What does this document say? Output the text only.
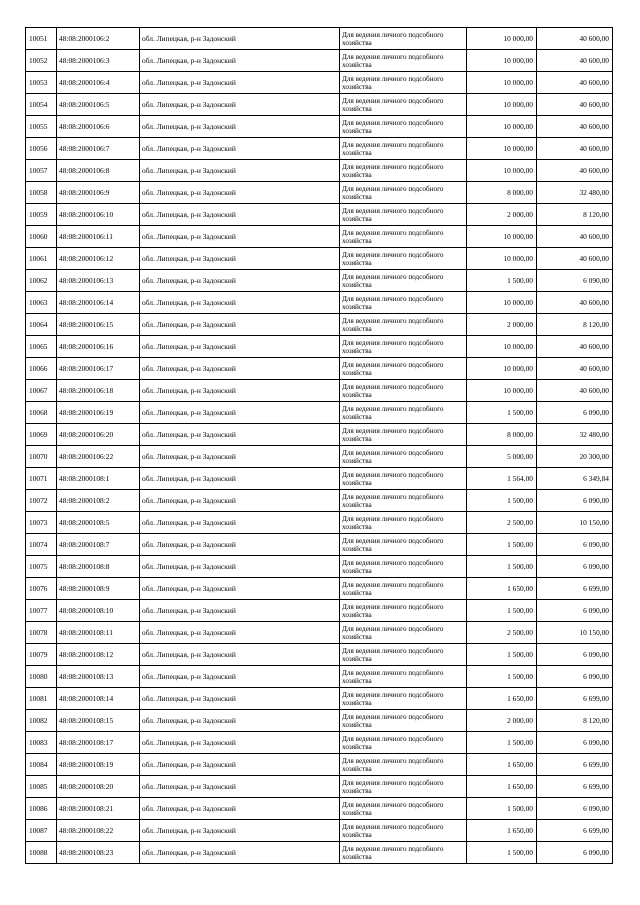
10051	48:08:2000106:2	обл. Липецкая, р-н Задонский	Для ведения личного подсобного хозяйства	10 000,00	40 600,00
10052	48:08:2000106:3	обл. Липецкая, р-н Задонский	Для ведения личного подсобного хозяйства	10 000,00	40 600,00
10053	48:08:2000106:4	обл. Липецкая, р-н Задонский	Для ведения личного подсобного хозяйства	10 000,00	40 600,00
10054	48:08:2000106:5	обл. Липецкая, р-н Задонский	Для ведения личного подсобного хозяйства	10 000,00	40 600,00
10055	48:08:2000106:6	обл. Липецкая, р-н Задонский	Для ведения личного подсобного хозяйства	10 000,00	40 600,00
10056	48:08:2000106:7	обл. Липецкая, р-н Задонский	Для ведения личного подсобного хозяйства	10 000,00	40 600,00
10057	48:08:2000106:8	обл. Липецкая, р-н Задонский	Для ведения личного подсобного хозяйства	10 000,00	40 600,00
10058	48:08:2000106:9	обл. Липецкая, р-н Задонский	Для ведения личного подсобного хозяйства	8 000,00	32 480,00
10059	48:08:2000106:10	обл. Липецкая, р-н Задонский	Для ведения личного подсобного хозяйства	2 000,00	8 120,00
10060	48:08:2000106:11	обл. Липецкая, р-н Задонский	Для ведения личного подсобного хозяйства	10 000,00	40 600,00
10061	48:08:2000106:12	обл. Липецкая, р-н Задонский	Для ведения личного подсобного хозяйства	10 000,00	40 600,00
10062	48:08:2000106:13	обл. Липецкая, р-н Задонский	Для ведения личного подсобного хозяйства	1 500,00	6 090,00
10063	48:08:2000106:14	обл. Липецкая, р-н Задонский	Для ведения личного подсобного хозяйства	10 000,00	40 600,00
10064	48:08:2000106:15	обл. Липецкая, р-н Задонский	Для ведения личного подсобного хозяйства	2 000,00	8 120,00
10065	48:08:2000106:16	обл. Липецкая, р-н Задонский	Для ведения личного подсобного хозяйства	10 000,00	40 600,00
10066	48:08:2000106:17	обл. Липецкая, р-н Задонский	Для ведения личного подсобного хозяйства	10 000,00	40 600,00
10067	48:08:2000106:18	обл. Липецкая, р-н Задонский	Для ведения личного подсобного хозяйства	10 000,00	40 600,00
10068	48:08:2000106:19	обл. Липецкая, р-н Задонский	Для ведения личного подсобного хозяйства	1 500,00	6 090,00
10069	48:08:2000106:20	обл. Липецкая, р-н Задонский	Для ведения личного подсобного хозяйства	8 000,00	32 480,00
10070	48:08:2000106:22	обл. Липецкая, р-н Задонский	Для ведения личного подсобного хозяйства	5 000,00	20 300,00
10071	48:08:2000108:1	обл. Липецкая, р-н Задонский	Для ведения личного подсобного хозяйства	1 564,00	6 349,84
10072	48:08:2000108:2	обл. Липецкая, р-н Задонский	Для ведения личного подсобного хозяйства	1 500,00	6 090,00
10073	48:08:2000108:5	обл. Липецкая, р-н Задонский	Для ведения личного подсобного хозяйства	2 500,00	10 150,00
10074	48:08:2000108:7	обл. Липецкая, р-н Задонский	Для ведения личного подсобного хозяйства	1 500,00	6 090,00
10075	48:08:2000108:8	обл. Липецкая, р-н Задонский	Для ведения личного подсобного хозяйства	1 500,00	6 090,00
10076	48:08:2000108:9	обл. Липецкая, р-н Задонский	Для ведения личного подсобного хозяйства	1 650,00	6 699,00
10077	48:08:2000108:10	обл. Липецкая, р-н Задонский	Для ведения личного подсобного хозяйства	1 500,00	6 090,00
10078	48:08:2000108:11	обл. Липецкая, р-н Задонский	Для ведения личного подсобного хозяйства	2 500,00	10 150,00
10079	48:08:2000108:12	обл. Липецкая, р-н Задонский	Для ведения личного подсобного хозяйства	1 500,00	6 090,00
10080	48:08:2000108:13	обл. Липецкая, р-н Задонский	Для ведения личного подсобного хозяйства	1 500,00	6 090,00
10081	48:08:2000108:14	обл. Липецкая, р-н Задонский	Для ведения личного подсобного хозяйства	1 650,00	6 699,00
10082	48:08:2000108:15	обл. Липецкая, р-н Задонский	Для ведения личного подсобного хозяйства	2 000,00	8 120,00
10083	48:08:2000108:17	обл. Липецкая, р-н Задонский	Для ведения личного подсобного хозяйства	1 500,00	6 090,00
10084	48:08:2000108:19	обл. Липецкая, р-н Задонский	Для ведения личного подсобного хозяйства	1 650,00	6 699,00
10085	48:08:2000108:20	обл. Липецкая, р-н Задонский	Для ведения личного подсобного хозяйства	1 650,00	6 699,00
10086	48:08:2000108:21	обл. Липецкая, р-н Задонский	Для ведения личного подсобного хозяйства	1 500,00	6 090,00
10087	48:08:2000108:22	обл. Липецкая, р-н Задонский	Для ведения личного подсобного хозяйства	1 650,00	6 699,00
10088	48:08:2000108:23	обл. Липецкая, р-н Задонский	Для ведения личного подсобного хозяйства	1 500,00	6 090,00
